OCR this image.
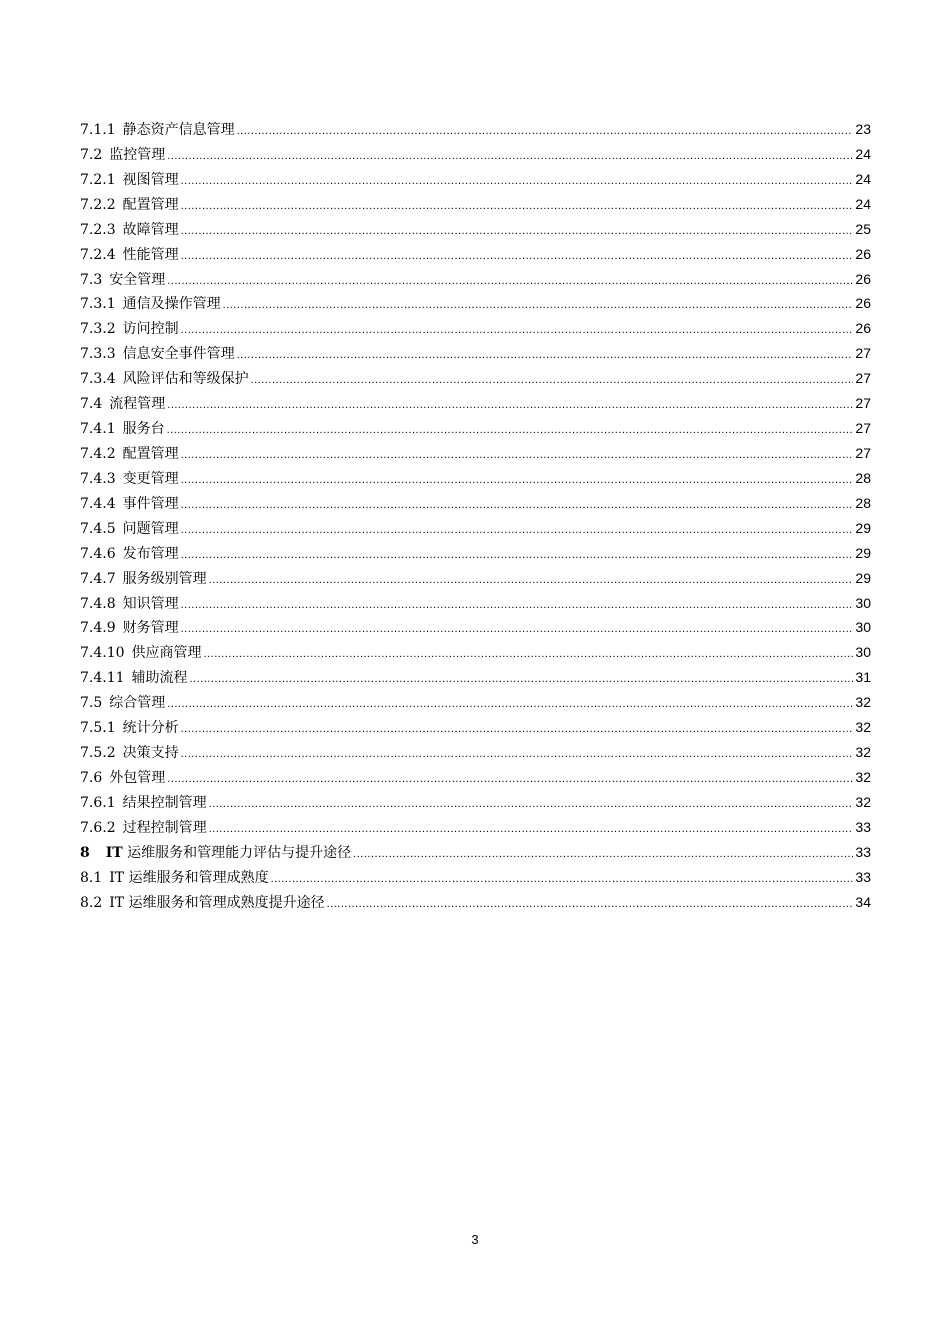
7.1.1 静态资产信息管理 .....	23
7.2 监控管理 .....	24
7.2.1 视图管理 .....	24
7.2.2 配置管理 .....	24
7.2.3 故障管理 .....	25
7.2.4 性能管理 .....	26
7.3 安全管理 .....	26
7.3.1 通信及操作管理 .....	26
7.3.2 访问控制 .....	26
7.3.3 信息安全事件管理 .....	27
7.3.4 风险评估和等级保护 .....	27
7.4 流程管理 .....	27
7.4.1 服务台 .....	27
7.4.2 配置管理 .....	27
7.4.3 变更管理 .....	28
7.4.4 事件管理 .....	28
7.4.5 问题管理 .....	29
7.4.6 发布管理 .....	29
7.4.7 服务级别管理 .....	29
7.4.8 知识管理 .....	30
7.4.9 财务管理 .....	30
7.4.10 供应商管理 .....	30
7.4.11 辅助流程 .....	31
7.5 综合管理 .....	32
7.5.1 统计分析 .....	32
7.5.2 决策支持 .....	32
7.6 外包管理 .....	32
7.6.1 结果控制管理 .....	32
7.6.2 过程控制管理 .....	33
8	IT 运维服务和管理能力评估与提升途径 .....	33
8.1 IT 运维服务和管理成熟度 .....	33
8.2 IT 运维服务和管理成熟度提升途径 .....	34
3
